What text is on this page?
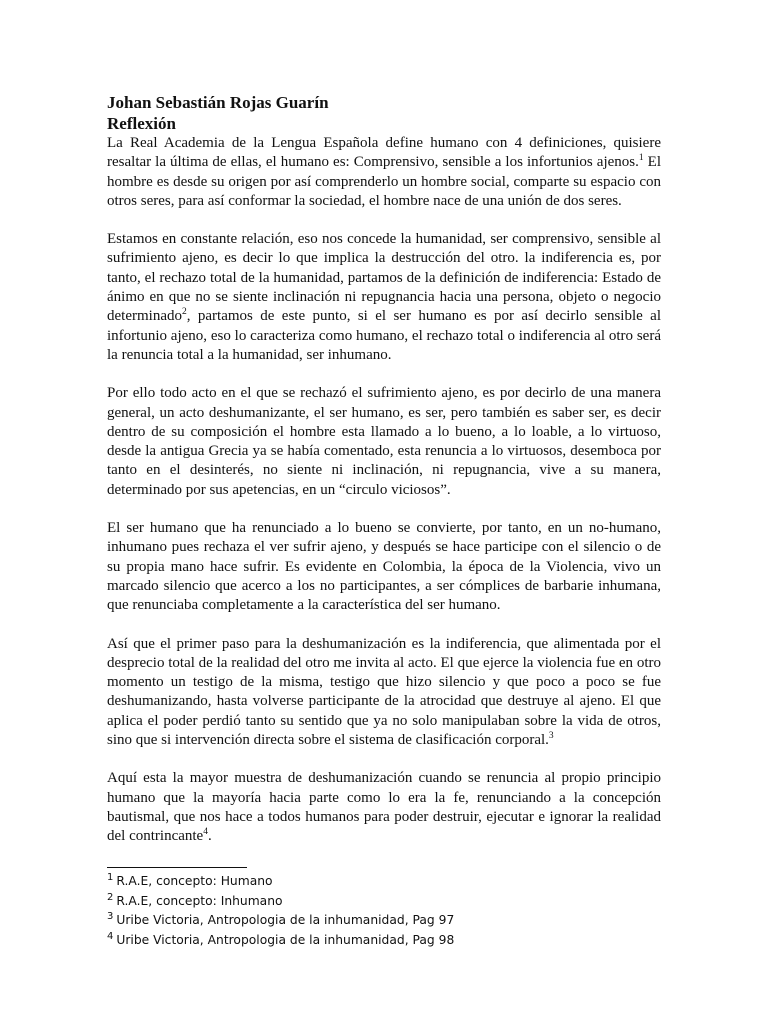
Johan Sebastián Rojas Guarín
Reflexión

La Real Academia de la Lengua Española define humano con 4 definiciones, quisiere resaltar la última de ellas, el humano es: Comprensivo, sensible a los infortunios ajenos.$^1$ El hombre es desde su origen por así comprenderlo un hombre social, comparte su espacio con otros seres, para así conformar la sociedad, el hombre nace de una unión de dos seres.

Estamos en constante relación, eso nos concede la humanidad, ser comprensivo, sensible al sufrimiento ajeno, es decir lo que implica la destrucción del otro. la indiferencia es, por tanto, el rechazo total de la humanidad, partamos de la definición de indiferencia: Estado de ánimo en que no se siente inclinación ni repugnancia hacia una persona, objeto o negocio determinado$^2$, partamos de este punto, si el ser humano es por así decirlo sensible al infortunio ajeno, eso lo caracteriza como humano, el rechazo total o indiferencia al otro será la renuncia total a la humanidad, ser inhumano.

Por ello todo acto en el que se rechazó el sufrimiento ajeno, es por decirlo de una manera general, un acto deshumanizante, el ser humano, es ser, pero también es saber ser, es decir dentro de su composición el hombre esta llamado a lo bueno, a lo loable, a lo virtuoso, desde la antigua Grecia ya se había comentado, esta renuncia a lo virtuosos, desemboca por tanto en el desinterés, no siente ni inclinación, ni repugnancia, vive a su manera, determinado por sus apetencias, en un “circulo viciosos”.

El ser humano que ha renunciado a lo bueno se convierte, por tanto, en un no-humano, inhumano pues rechaza el ver sufrir ajeno, y después se hace participe con el silencio o de su propia mano hace sufrir. Es evidente en Colombia, la época de la Violencia, vivo un marcado silencio que acerco a los no participantes, a ser cómplices de barbarie inhumana, que renunciaba completamente a la característica del ser humano.

Así que el primer paso para la deshumanización es la indiferencia, que alimentada por el desprecio total de la realidad del otro me invita al acto. El que ejerce la violencia fue en otro momento un testigo de la misma, testigo que hizo silencio y que poco a poco se fue deshumanizando, hasta volverse participante de la atrocidad que destruye al ajeno. El que aplica el poder perdió tanto su sentido que ya no solo manipulaban sobre la vida de otros, sino que si intervención directa sobre el sistema de clasificación corporal.$^3$

Aquí esta la mayor muestra de deshumanización cuando se renuncia al propio principio humano que la mayoría hacia parte como lo era la fe, renunciando a la concepción bautismal, que nos hace a todos humanos para poder destruir, ejecutar e ignorar la realidad del contrincante$^4$.

$^1$ R.A.E, concepto: Humano
$^2$ R.A.E, concepto: Inhumano
$^3$ Uribe Victoria, Antropologia de la inhumanidad, Pag 97
$^4$ Uribe Victoria, Antropologia de la inhumanidad, Pag 98
